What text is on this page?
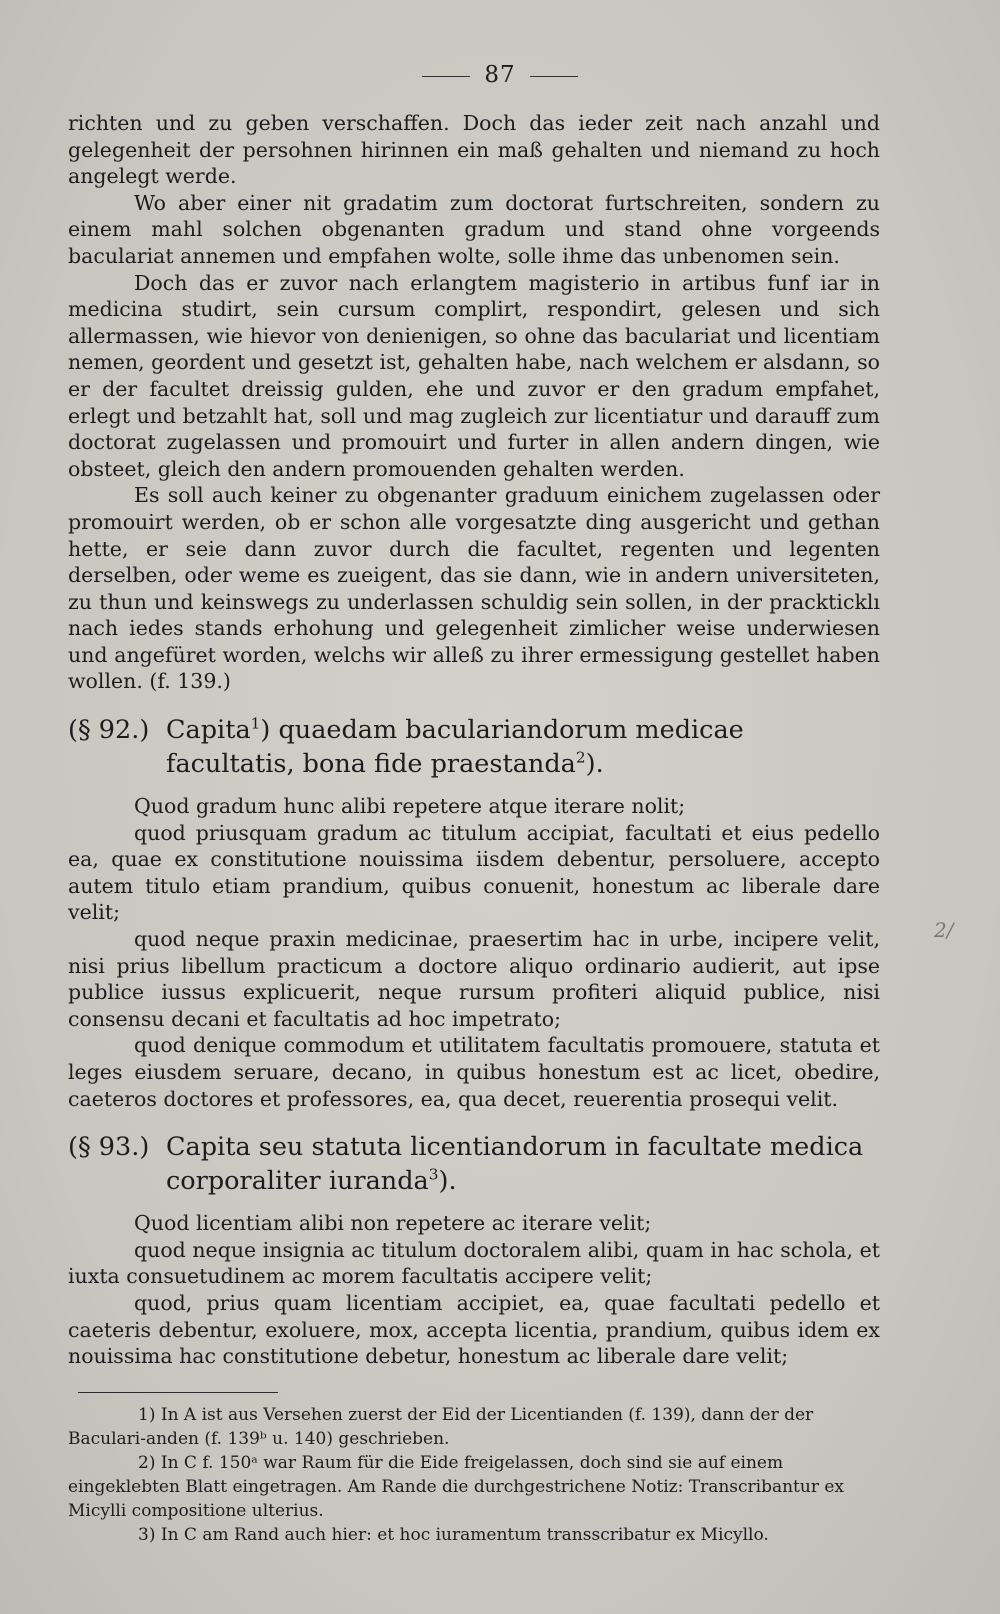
87

richten und zu geben verschaffen. Doch das ieder zeit nach anzahl und gelegenheit der persohnen hirinnen ein maß gehalten und niemand zu hoch angelegt werde.

Wo aber einer nit gradatim zum doctorat furtschreiten, sondern zu einem mahl solchen obgenanten gradum und stand ohne vorgeends baculariat annemen und empfahen wolte, solle ihme das unbenomen sein.

Doch das er zuvor nach erlangtem magisterio in artibus funf iar in medicina studirt, sein cursum complirt, respondirt, gelesen und sich allermassen, wie hievor von denienigen, so ohne das baculariat und licentiam nemen, geordent und gesetzt ist, gehalten habe, nach welchem er alsdann, so er der facultet dreissig gulden, ehe und zuvor er den gradum empfahet, erlegt und betzahlt hat, soll und mag zugleich zur licentiatur und darauff zum doctorat zugelassen und promouirt und furter in allen andern dingen, wie obsteet, gleich den andern promouenden gehalten werden.

Es soll auch keiner zu obgenanter graduum einichem zugelassen oder promouirt werden, ob er schon alle vorgesatzte ding ausgericht und gethan hette, er seie dann zuvor durch die facultet, regenten und legenten derselben, oder weme es zueigent, das sie dann, wie in andern universiteten, zu thun und keinswegs zu underlassen schuldig sein sollen, in der prackticklı nach iedes stands erhohung und gelegenheit zimlicher weise underwiesen und angefüret worden, welchs wir alleß zu ihrer ermessigung gestellet haben wollen. (f. 139.)

(§ 92.) Capita$^1$) quaedam baculariandorum medicae facultatis, bona fide praestanda$^2$).

Quod gradum hunc alibi repetere atque iterare nolit;

quod priusquam gradum ac titulum accipiat, facultati et eius pedello ea, quae ex constitutione nouissima iisdem debentur, persoluere, accepto autem titulo etiam prandium, quibus conuenit, honestum ac liberale dare velit;

quod neque praxin medicinae, praesertim hac in urbe, incipere velit, nisi prius libellum practicum a doctore aliquo ordinario audierit, aut ipse publice iussus explicuerit, neque rursum profiteri aliquid publice, nisi consensu decani et facultatis ad hoc impetrato;

quod denique commodum et utilitatem facultatis promouere, statuta et leges eiusdem seruare, decano, in quibus honestum est ac licet, obedire, caeteros doctores et professores, ea, qua decet, reuerentia prosequi velit.

(§ 93.) Capita seu statuta licentiandorum in facultate medica corporaliter iuranda$^3$).

Quod licentiam alibi non repetere ac iterare velit;

quod neque insignia ac titulum doctoralem alibi, quam in hac schola, et iuxta consuetudinem ac morem facultatis accipere velit;

quod, prius quam licentiam accipiet, ea, quae facultati pedello et caeteris debentur, exoluere, mox, accepta licentia, prandium, quibus idem ex nouissima hac constitutione debetur, honestum ac liberale dare velit;

1) In A ist aus Versehen zuerst der Eid der Licentianden (f. 139), dann der der Baculari-anden (f. 139ᵇ u. 140) geschrieben.

2) In C f. 150ᵃ war Raum für die Eide freigelassen, doch sind sie auf einem eingeklebten Blatt eingetragen. Am Rande die durchgestrichene Notiz: Transcribantur ex Micylli compositione ulterius.

3) In C am Rand auch hier: et hoc iuramentum transscribatur ex Micyllo.

2/
